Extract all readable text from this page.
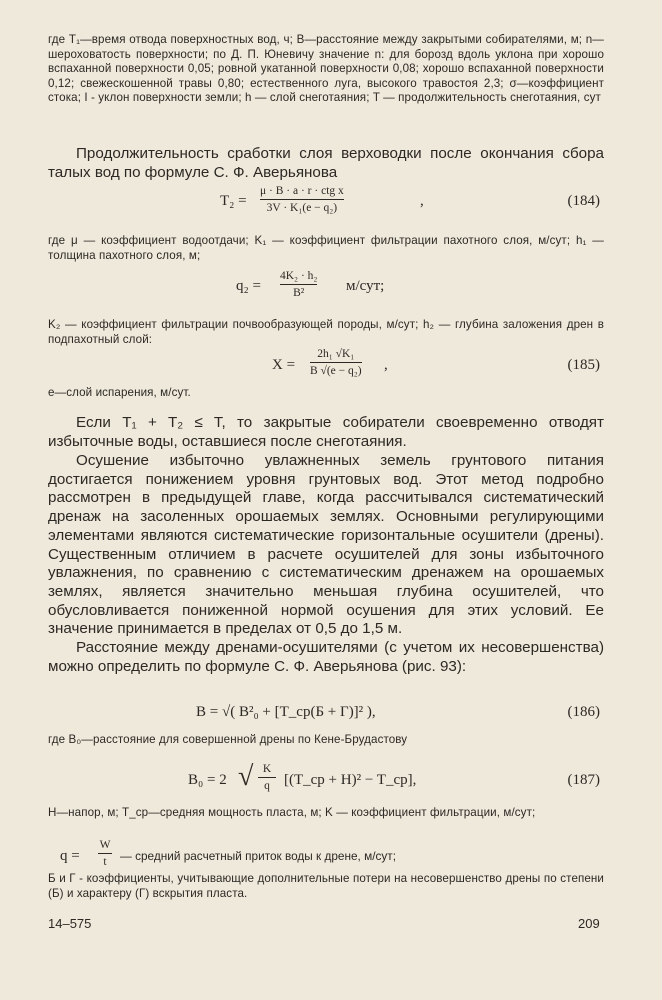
где T₁—время отвода поверхностных вод, ч; B—расстояние между закрытыми собирателями, м; n—шероховатость поверхности; по Д. П. Юневичу значение n: для борозд вдоль уклона при хорошо вспаханной поверхности 0,05; ровной укатанной поверхности 0,08; хорошо вспаханной поверхности 0,12; свежескошенной травы 0,80; естественного луга, высокого травостоя 2,3; σ—коэффициент стока; I - уклон поверхности земли; h — слой снеготаяния; T — продолжительность снеготаяния, сут
Продолжительность сработки слоя верховодки после окончания сбора талых вод по формуле С. Ф. Аверьянова
T₂ =
μ · B · a · r · ctg x
3V · K₁(e − q₂)	,	(184)
где μ — коэффициент водоотдачи; K₁ — коэффициент фильтрации пахотного слоя, м/сут; h₁ — толщина пахотного слоя, м;
q₂ =
4K₂ · h₂
B²	м/сут;
K₂ — коэффициент фильтрации почвообразующей породы, м/сут; h₂ — глубина заложения дрен в подпахотный слой:
X =
2h₁ √K₁
B √(e − q₂) ,	(185)
e—слой испарения, м/сут.
Если T₁ + T₂ ≤ T, то закрытые собиратели своевременно отводят избыточные воды, оставшиеся после снеготаяния.
Осушение избыточно увлажненных земель грунтового питания достигается понижением уровня грунтовых вод. Этот метод подробно рассмотрен в предыдущей главе, когда рассчитывался систематический дренаж на засоленных орошаемых землях. Основными регулирующими элементами являются систематические горизонтальные осушители (дрены). Существенным отличием в расчете осушителей для зоны избыточного увлажнения, по сравнению с систематическим дренажем на орошаемых землях, является значительно меньшая глубина осушителей, что обусловливается пониженной нормой осушения для этих условий. Ее значение принимается в пределах от 0,5 до 1,5 м.
Расстояние между дренами-осушителями (с учетом их несовершенства) можно определить по формуле С. Ф. Аверьянова (рис. 93):
B = √( B²₀ + [T_cp(Б + Г)]² ),	(186)
где B₀—расстояние для совершенной дрены по Кене-Брудастову
B₀ = 2 √ K
q [(T_cp + H)² − T_cp],	(187)
H—напор, м; T_cp—средняя мощность пласта, м; K — коэффициент фильтрации, м/сут;
q =
W
t	— средний расчетный приток воды к дрене, м/сут;
Б и Г - коэффициенты, учитывающие дополнительные потери на несовершенство дрены по степени (Б) и характеру (Г) вскрытия пласта.
14–575	209
